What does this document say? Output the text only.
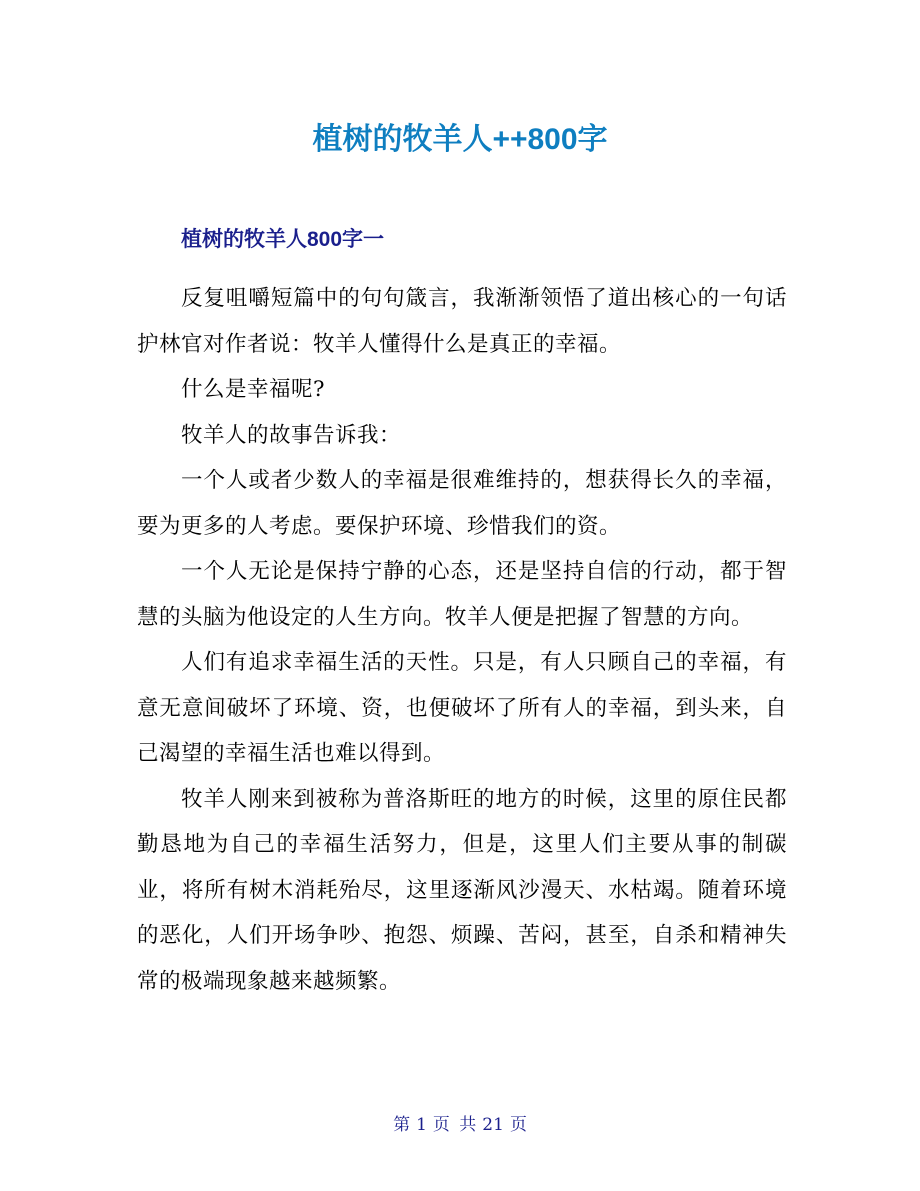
植树的牧羊人++800字
植树的牧羊人800字一

反复咀嚼短篇中的句句箴言，我渐渐领悟了道出核心的一句话护林官对作者说：牧羊人懂得什么是真正的幸福。

什么是幸福呢?

牧羊人的故事告诉我：

一个人或者少数人的幸福是很难维持的，想获得长久的幸福，要为更多的人考虑。要保护环境、珍惜我们的资。

一个人无论是保持宁静的心态，还是坚持自信的行动，都于智慧的头脑为他设定的人生方向。牧羊人便是把握了智慧的方向。

人们有追求幸福生活的天性。只是，有人只顾自己的幸福，有意无意间破坏了环境、资，也便破坏了所有人的幸福，到头来，自己渴望的幸福生活也难以得到。

牧羊人刚来到被称为普洛斯旺的地方的时候，这里的原住民都勤恳地为自己的幸福生活努力，但是，这里人们主要从事的制碳业，将所有树木消耗殆尽，这里逐渐风沙漫天、水枯竭。随着环境的恶化，人们开场争吵、抱怨、烦躁、苦闷，甚至，自杀和精神失常的极端现象越来越频繁。

第 1 页 共 21 页
